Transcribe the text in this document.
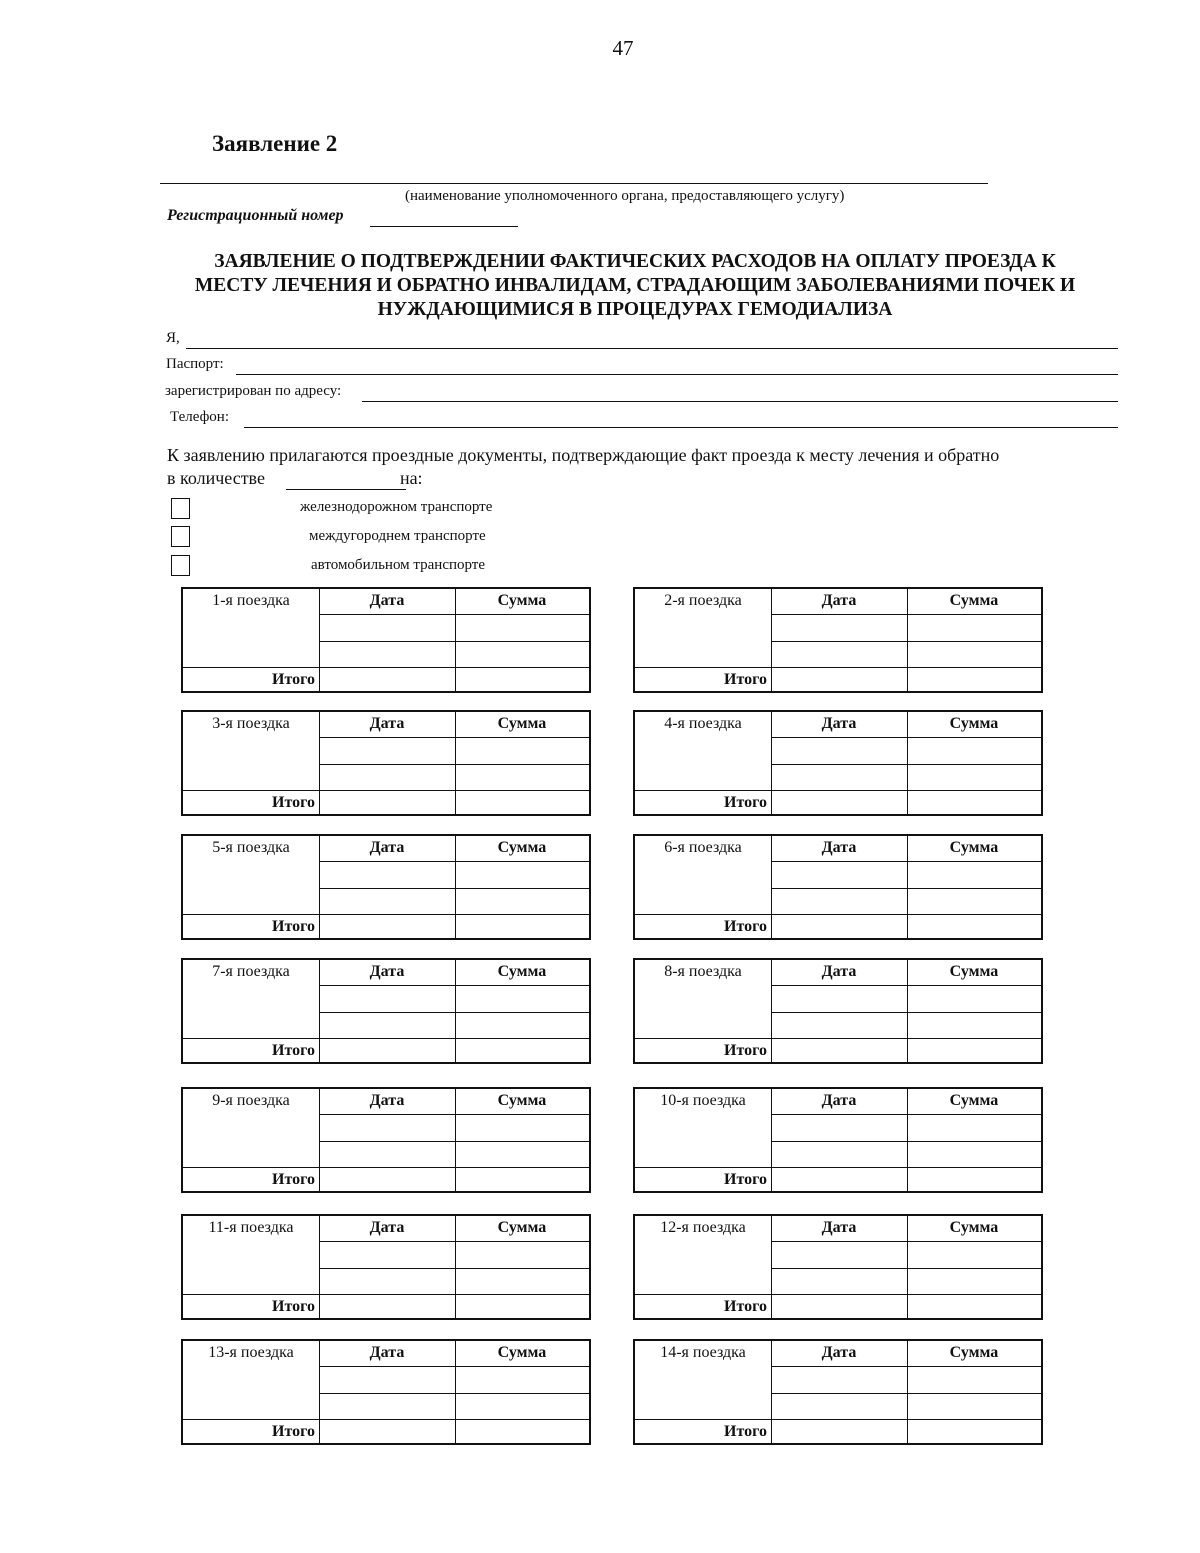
47
Заявление 2
(наименование уполномоченного органа, предоставляющего услугу)
Регистрационный номер
ЗАЯВЛЕНИЕ О ПОДТВЕРЖДЕНИИ ФАКТИЧЕСКИХ РАСХОДОВ НА ОПЛАТУ ПРОЕЗДА К
МЕСТУ ЛЕЧЕНИЯ И ОБРАТНО ИНВАЛИДАМ, СТРАДАЮЩИМ ЗАБОЛЕВАНИЯМИ ПОЧЕК И
НУЖДАЮЩИМИСЯ В ПРОЦЕДУРАХ ГЕМОДИАЛИЗА
Я,
Паспорт:
зарегистрирован по адресу:
Телефон:
К заявлению прилагаются проездные документы, подтверждающие факт проезда к месту лечения и обратно
в количестве	на:
железнодорожном транспорте
междугороднем транспорте
автомобильном транспорте
1-я поездка	Дата	Сумма
Итого
2-я поездка	Дата	Сумма
Итого
3-я поездка	Дата	Сумма
Итого
4-я поездка	Дата	Сумма
Итого
5-я поездка	Дата	Сумма
Итого
6-я поездка	Дата	Сумма
Итого
7-я поездка	Дата	Сумма
Итого
8-я поездка	Дата	Сумма
Итого
9-я поездка	Дата	Сумма
Итого
10-я поездка	Дата	Сумма
Итого
11-я поездка	Дата	Сумма
Итого
12-я поездка	Дата	Сумма
Итого
13-я поездка	Дата	Сумма
Итого
14-я поездка	Дата	Сумма
Итого
